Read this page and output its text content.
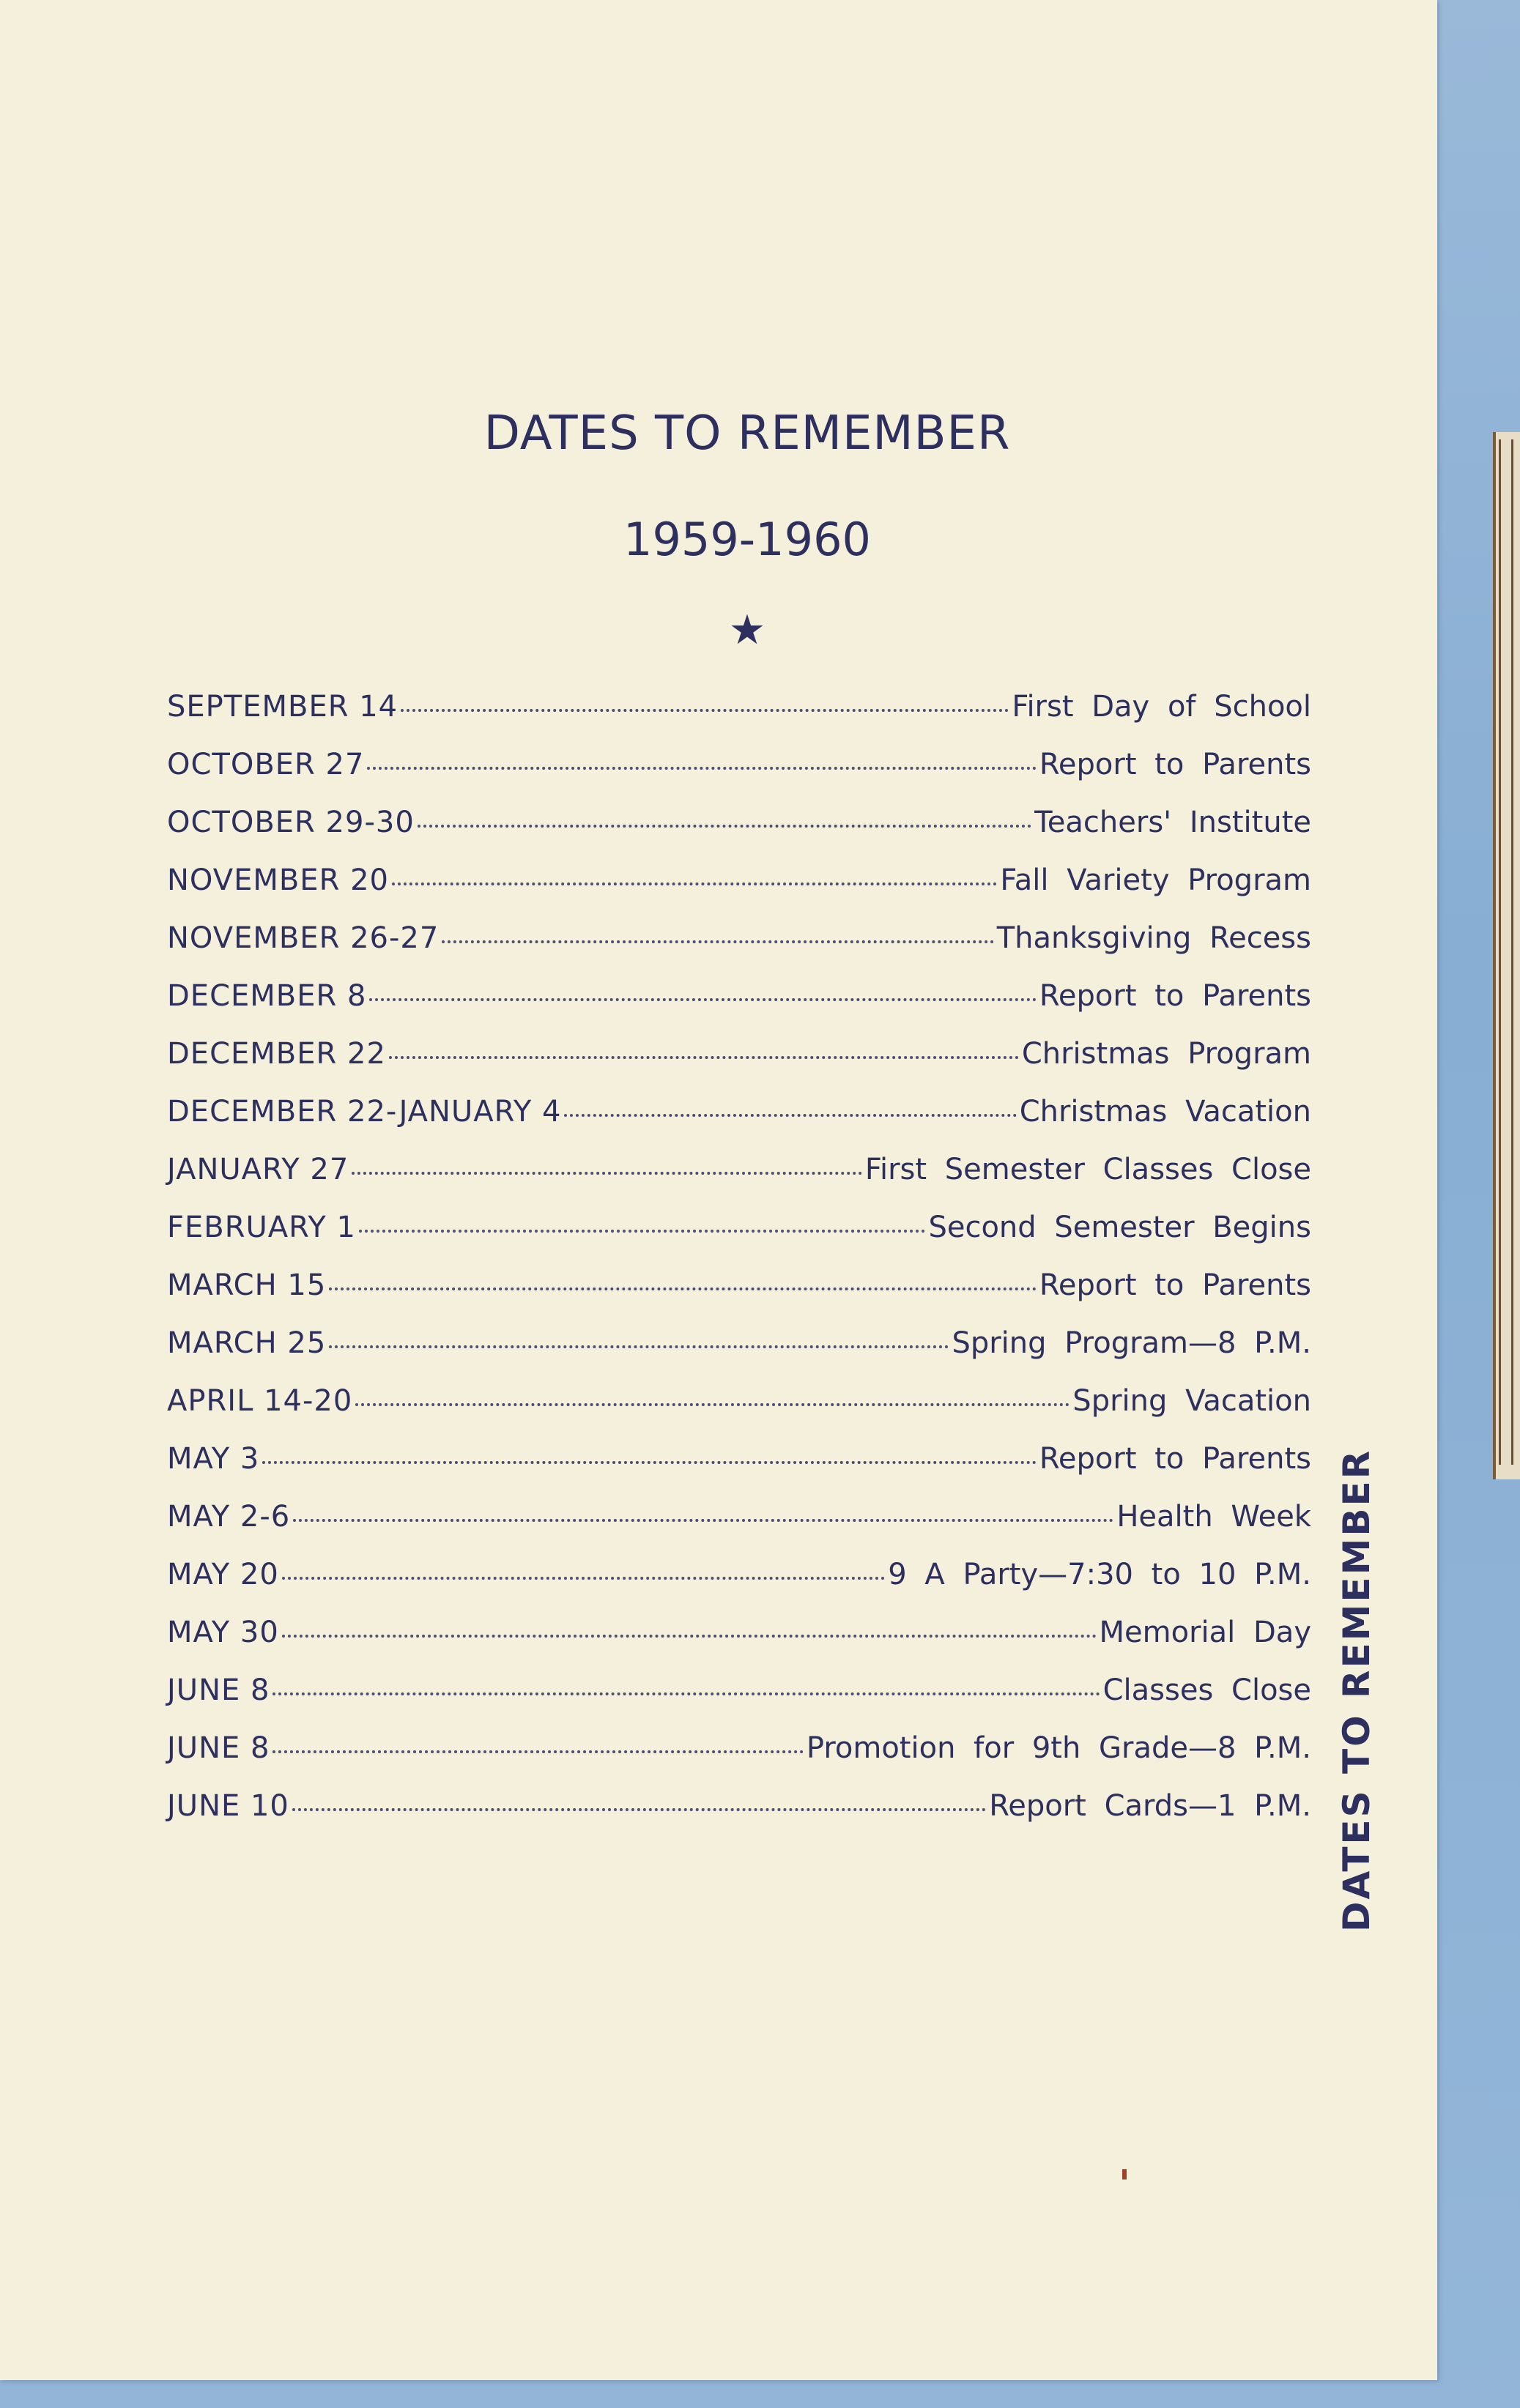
DATES TO REMEMBER
1959-1960
★
SEPTEMBER 14	First Day of School
OCTOBER 27	Report to Parents
OCTOBER 29-30	Teachers' Institute
NOVEMBER 20	Fall Variety Program
NOVEMBER 26-27	Thanksgiving Recess
DECEMBER 8	Report to Parents
DECEMBER 22	Christmas Program
DECEMBER 22-JANUARY 4	Christmas Vacation
JANUARY 27	First Semester Classes Close
FEBRUARY 1	Second Semester Begins
MARCH 15	Report to Parents
MARCH 25	Spring Program—8 P.M.
APRIL 14-20	Spring Vacation
MAY 3	Report to Parents
MAY 2-6	Health Week
MAY 20	9 A Party—7:30 to 10 P.M.
MAY 30	Memorial Day
JUNE 8	Classes Close
JUNE 8	Promotion for 9th Grade—8 P.M.
JUNE 10	Report Cards—1 P.M. DATES TO REMEMBER
